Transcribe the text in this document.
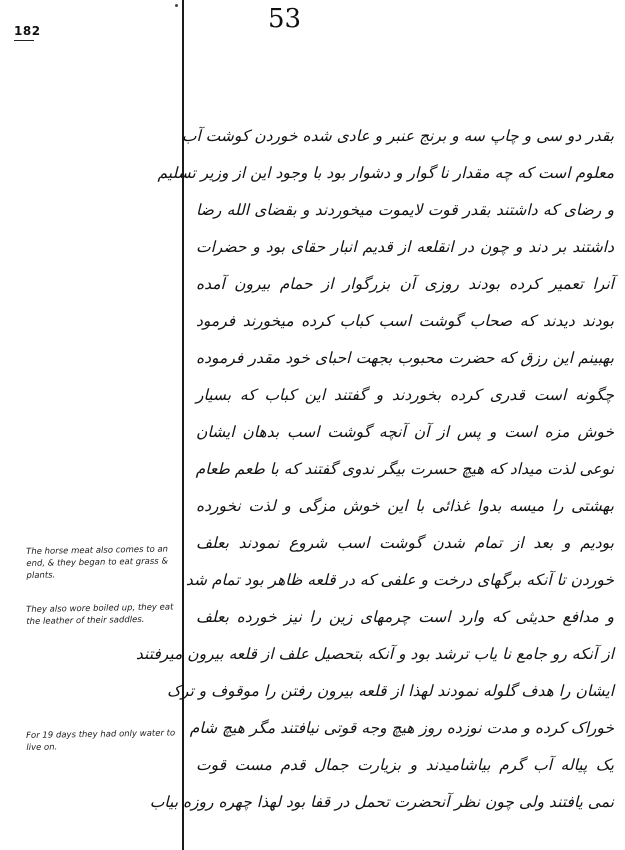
182	53
بقدر دو سی و چاپ سه و برنج عنبر و عادی شده خوردن کوشت آب
معلوم است که چه مقدار نا گوار و دشوار بود با وجود این از وزیر تسلیم
و رضای که داشتند بقدر قوت لایموت میخوردند و بقضای الله رضا
داشتند بر دند و چون در انقلعه از قدیم انبار حقای بود و حضرات
آنرا تعمیر کرده بودند روزی آن بزرگوار از حمام بیرون آمده
بودند دیدند که صحاب گوشت اسب کباب کرده میخورند فرمود
بهبینم این رزق که حضرت محبوب بجهت احبای خود مقدر فرموده
چگونه است قدری کرده بخوردند و گفتند این کباب که بسیار
خوش مزه است و پس از آن آنچه گوشت اسب بدهان ایشان
نوعی لذت میداد که هیچ حسرت بیگر ندوی گفتند که با طعم طعام
بهشتی را میسه بدوا غذائی با این خوش مزگی و لذت نخورده
بودیم و بعد از تمام شدن گوشت اسب شروع نمودند بعلف
خوردن تا آنکه برگهای درخت و علفی که در قلعه ظاهر بود تمام شد
و مدافع حدیثی که وارد است چرمهای زین را نیز خورده بعلف
از آنکه رو جامع نا یاب ترشد بود و آنکه بتحصیل علف از قلعه بیرون میرفتند
ایشان را هدف گلوله نمودند لهذا از قلعه بیرون رفتن را موقوف و ترک
خوراک کرده و مدت نوزده روز هیچ وجه قوتی نیافتند مگر هیچ شام
یک پیاله آب گرم بیاشامیدند و بزیارت جمال قدم مست قوت
نمی یافتند ولی چون نظر آنحضرت تحمل در قفا بود لهذا چهره روزه بیاب
The horse meat also comes to an end, & they began to eat grass & plants.
They also wore boiled up, they eat the leather of their saddles.
For 19 days they had only water to live on.
